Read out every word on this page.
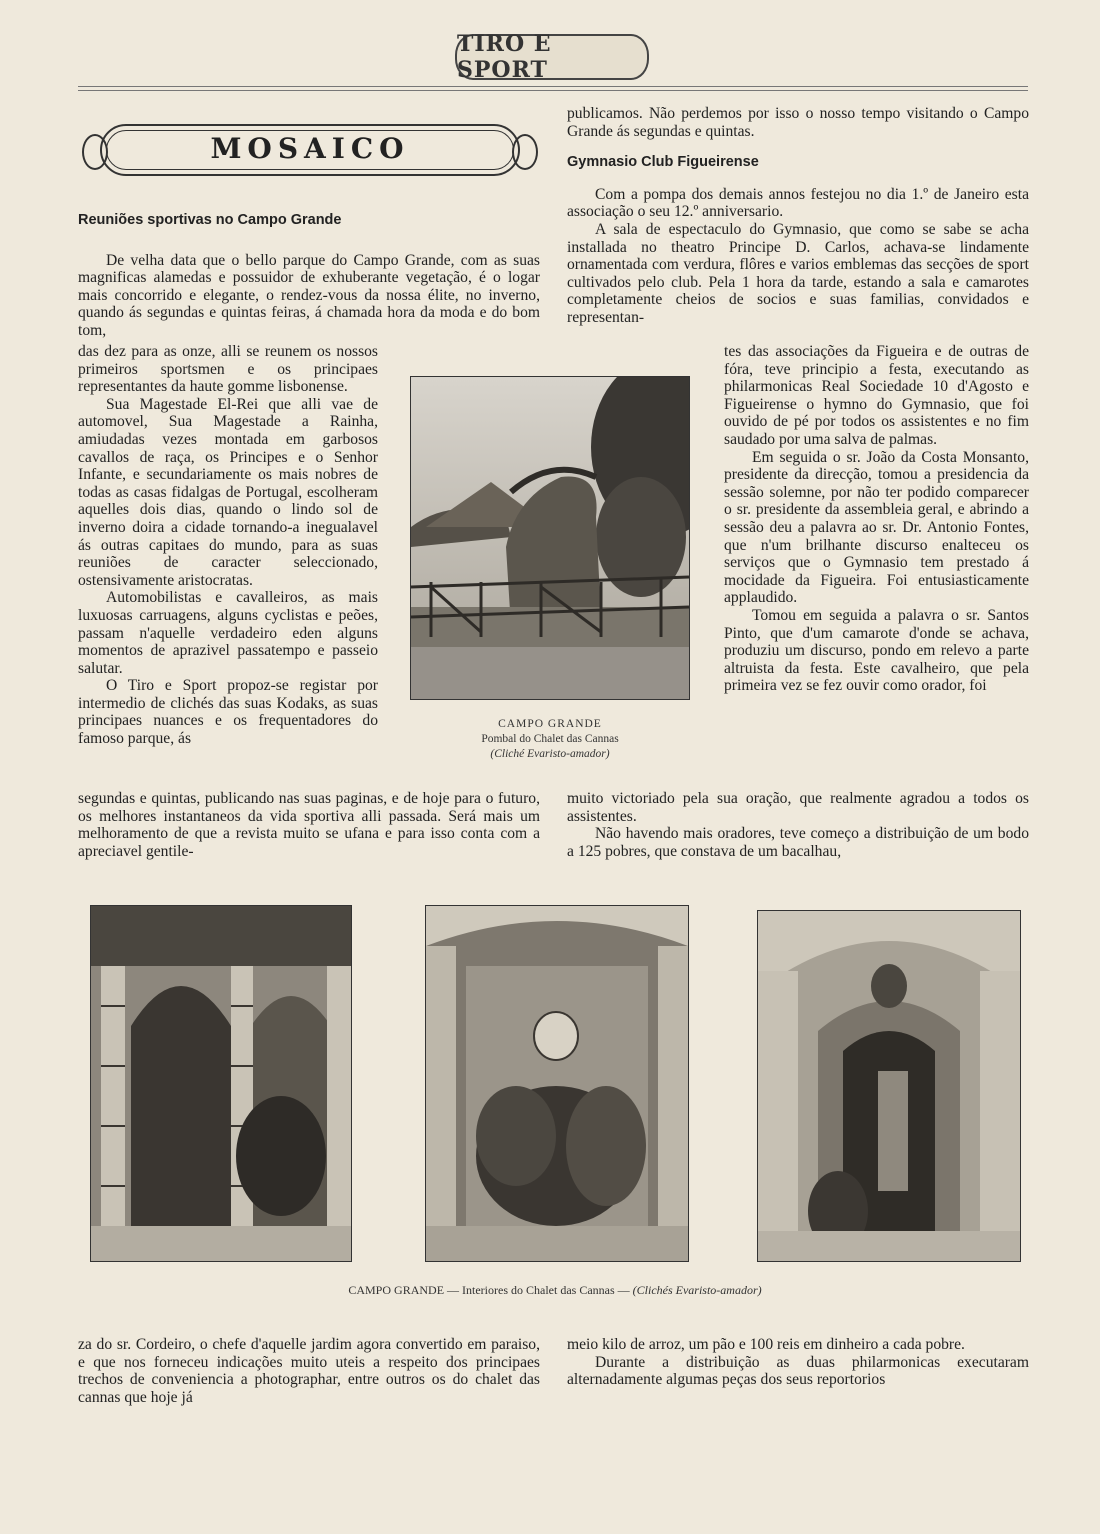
TIRO E SPORT
MOSAICO

Reuniões sportivas no Campo Grande

De velha data que o bello parque do Campo Grande, com as suas magnificas alamedas e possuidor de exhuberante vegetação, é o logar mais concorrido e elegante, o rendez-vous da nossa élite, no inverno, quando ás segundas e quintas feiras, á chamada hora da moda e do bom tom,

das dez para as onze, alli se reunem os nossos primeiros sportsmen e os principaes representantes da haute gomme lisbonense.

Sua Magestade El-Rei que alli vae de automovel, Sua Magestade a Rainha, amiudadas vezes montada em garbosos cavallos de raça, os Principes e o Senhor Infante, e secundariamente os mais nobres de todas as casas fidalgas de Portugal, escolheram aquelles dois dias, quando o lindo sol de inverno doira a cidade tornando-a inegualavel ás outras capitaes do mundo, para as suas reuniões de caracter seleccionado, ostensivamente aristocratas.

Automobilistas e cavalleiros, as mais luxuosas carruagens, alguns cyclistas e peões, passam n'aquelle verdadeiro eden alguns momentos de aprazivel passatempo e passeio salutar.

O Tiro e Sport propoz-se registar por intermedio de clichés das suas Kodaks, as suas principaes nuances e os frequentadores do famoso parque, ás

segundas e quintas, publicando nas suas paginas, e de hoje para o futuro, os melhores instantaneos da vida sportiva alli passada. Será mais um melhoramento de que a revista muito se ufana e para isso conta com a apreciavel gentile-

CAMPO GRANDE
Pombal do Chalet das Cannas
(Cliché Evaristo-amador)

publicamos. Não perdemos por isso o nosso tempo visitando o Campo Grande ás segundas e quintas.

Gymnasio Club Figueirense

Com a pompa dos demais annos festejou no dia 1.º de Janeiro esta associação o seu 12.º anniversario.

A sala de espectaculo do Gymnasio, que como se sabe se acha installada no theatro Principe D. Carlos, achava-se lindamente ornamentada com verdura, flôres e varios emblemas das secções de sport cultivados pelo club. Pela 1 hora da tarde, estando a sala e camarotes completamente cheios de socios e suas familias, convidados e representan-

tes das associações da Figueira e de outras de fóra, teve principio a festa, executando as philarmonicas Real Sociedade 10 d'Agosto e Figueirense o hymno do Gymnasio, que foi ouvido de pé por todos os assistentes e no fim saudado por uma salva de palmas.

Em seguida o sr. João da Costa Monsanto, presidente da direcção, tomou a presidencia da sessão solemne, por não ter podido comparecer o sr. presidente da assembleia geral, e abrindo a sessão deu a palavra ao sr. Dr. Antonio Fontes, que n'um brilhante discurso enalteceu os serviços que o Gymnasio tem prestado á mocidade da Figueira. Foi entusiasticamente applaudido.

Tomou em seguida a palavra o sr. Santos Pinto, que d'um camarote d'onde se achava, produziu um discurso, pondo em relevo a parte altruista da festa. Este cavalheiro, que pela primeira vez se fez ouvir como orador, foi

muito victoriado pela sua oração, que realmente agradou a todos os assistentes.

Não havendo mais oradores, teve começo a distribuição de um bodo a 125 pobres, que constava de um bacalhau,

CAMPO GRANDE — Interiores do Chalet das Cannas — (Clichés Evaristo-amador)

za do sr. Cordeiro, o chefe d'aquelle jardim agora convertido em paraiso, e que nos forneceu indicações muito uteis a respeito dos principaes trechos de conveniencia a photographar, entre outros os do chalet das cannas que hoje já

meio kilo de arroz, um pão e 100 reis em dinheiro a cada pobre.

Durante a distribuição as duas philarmonicas executaram alternadamente algumas peças dos seus reportorios
